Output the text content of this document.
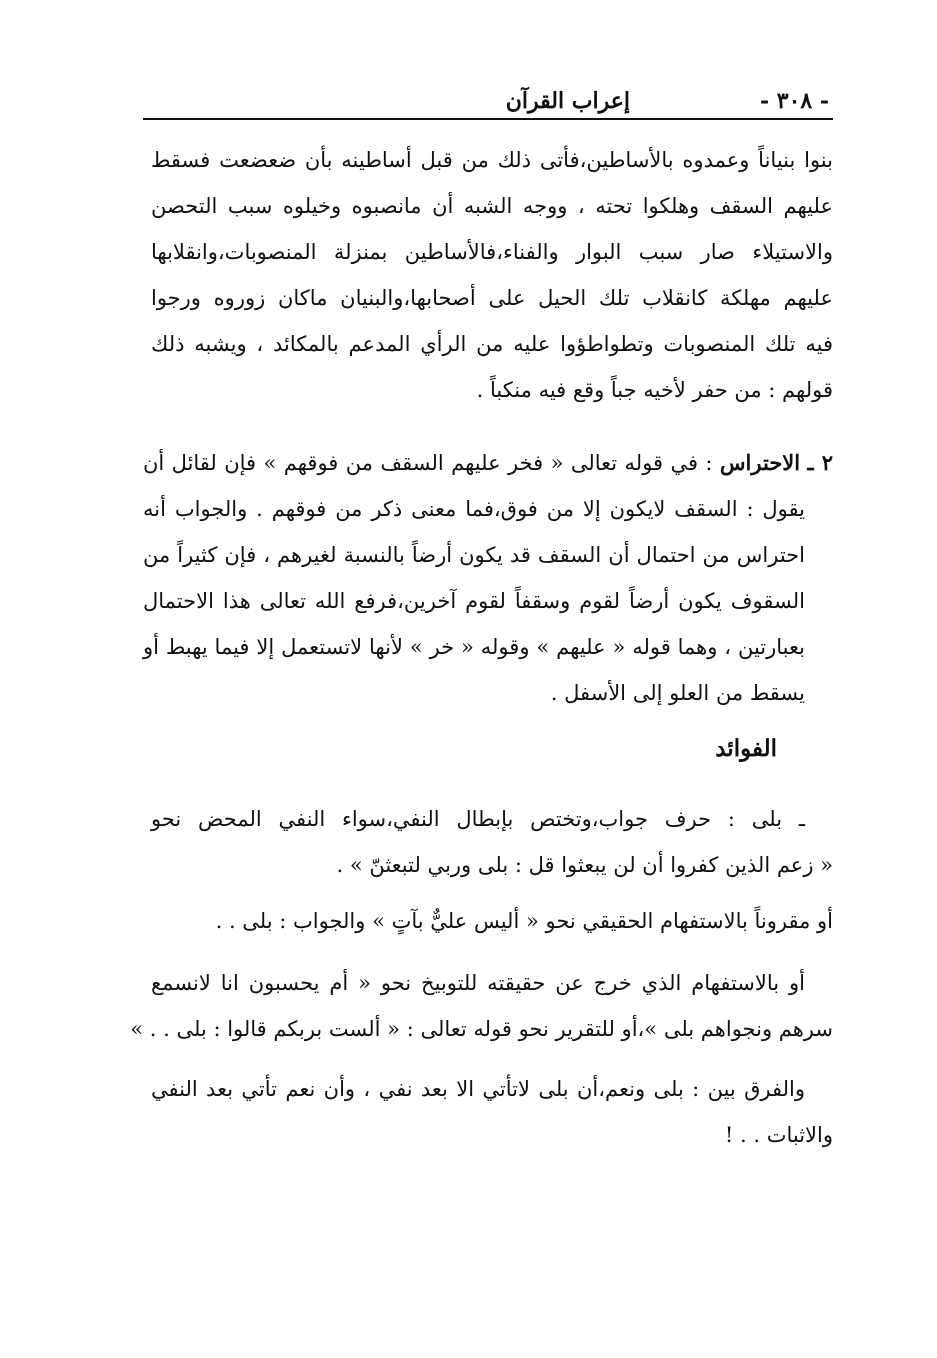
- ٣٠٨ -
إعراب القرآن
بنوا بنياناً وعمدوه بالأساطين،فأتى ذلك من قبل أساطينه بأن ضعضعت فسقط
عليهم السقف وهلكوا تحته ، ووجه الشبه أن مانصبوه وخيلوه سبب التحصن
والاستيلاء صار سبب البوار والفناء،فالأساطين بمنزلة المنصوبات،وانقلابها
عليهم مهلكة كانقلاب تلك الحيل على أصحابها،والبنيان ماكان زوروه ورجوا
فيه تلك المنصوبات وتطواطؤوا عليه من الرأي المدعم بالمكائد ، ويشبه ذلك
قولهم : من حفر لأخيه جباً وقع فيه منكباً .
٢ ـ الاحتراس : في قوله تعالى « فخر عليهم السقف من فوقهم » فإن لقائل أن
يقول : السقف لايكون إلا من فوق،فما معنى ذكر من فوقهم . والجواب أنه
احتراس من احتمال أن السقف قد يكون أرضاً بالنسبة لغيرهم ، فإن كثيراً من
السقوف يكون أرضاً لقوم وسقفاً لقوم آخرين،فرفع الله تعالى هذا الاحتمال
بعبارتين ، وهما قوله « عليهم » وقوله « خر » لأنها لاتستعمل إلا فيما يهبط أو
يسقط من العلو إلى الأسفل .
الفوائد
ـ بلى : حرف جواب،وتختص بإبطال النفي،سواء النفي المحض نحو
« زعم الذين كفروا أن لن يبعثوا قل : بلى وربي لتبعثنّ » .
أو مقروناً بالاستفهام الحقيقي نحو « أليس عليٌّ بآتٍ » والجواب : بلى . .
أو بالاستفهام الذي خرج عن حقيقته للتوبيخ نحو « أم يحسبون انا لانسمع
سرهم ونجواهم بلى »،أو للتقرير نحو قوله تعالى : « ألست بربكم قالوا : بلى . . »
والفرق بين : بلى ونعم،أن بلى لاتأتي الا بعد نفي ، وأن نعم تأتي بعد النفي
والاثبات . . !
